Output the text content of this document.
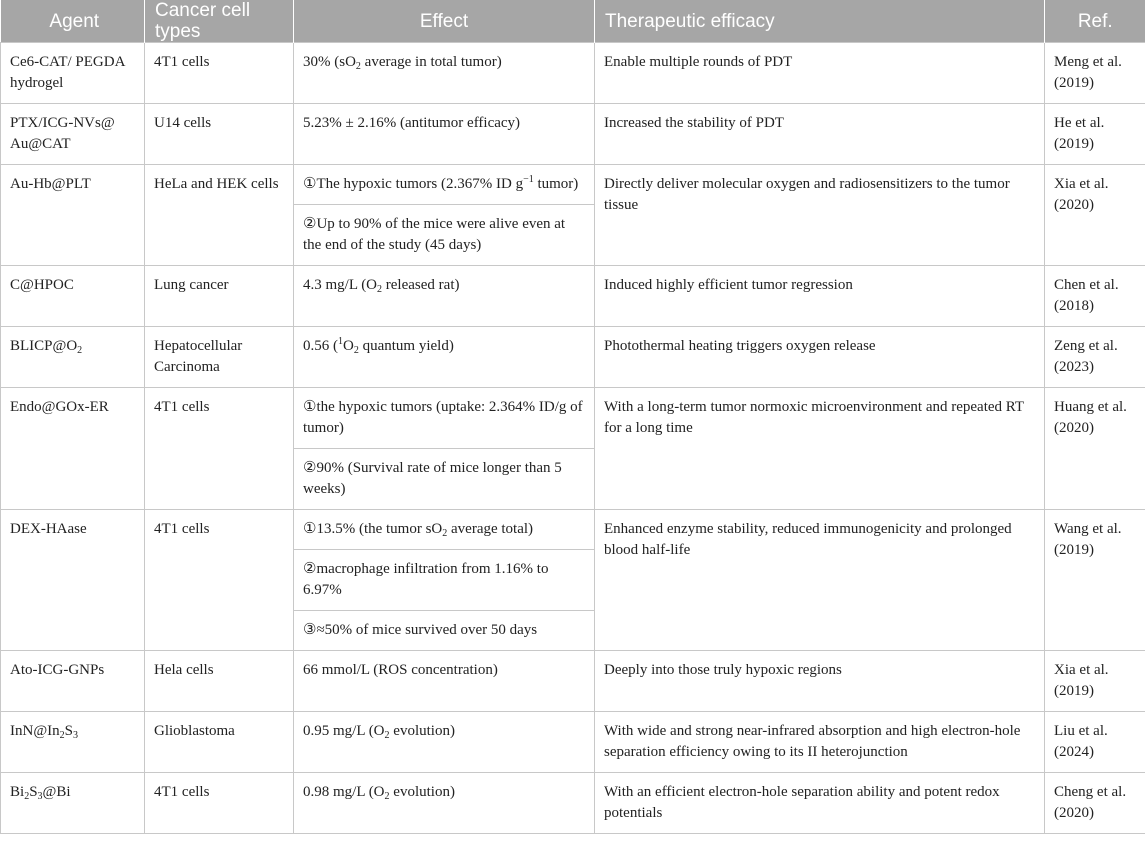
Agent	Cancer cell types	Effect	Therapeutic efficacy	Ref.
Ce6-CAT/ PEGDA hydrogel	4T1 cells	30% ($sO_2$ average in total tumor)	Enable multiple rounds of PDT	Meng et al. (2019)
PTX/ICG-NVs@ Au@CAT	U14 cells	5.23% ± 2.16% (antitumor efficacy)	Increased the stability of PDT	He et al. (2019)
Au-Hb@PLT	HeLa and HEK cells	①The hypoxic tumors (2.367% ID $g^{-1}$ tumor)	Directly deliver molecular oxygen and radiosensitizers to the tumor tissue	Xia et al. (2020)
		②Up to 90% of the mice were alive even at the end of the study (45 days)		
C@HPOC	Lung cancer	4.3 mg/L ($O_2$ released rat)	Induced highly efficient tumor regression	Chen et al. (2018)
$BLICP@O_2$	Hepatocellular Carcinoma	0.56 ($^1O_2$ quantum yield)	Photothermal heating triggers oxygen release	Zeng et al. (2023)
Endo@GOx-ER	4T1 cells	①the hypoxic tumors (uptake: 2.364% ID/g of tumor)	With a long-term tumor normoxic microenvironment and repeated RT for a long time	Huang et al. (2020)
		②90% (Survival rate of mice longer than 5 weeks)		
DEX-HAase	4T1 cells	①13.5% (the tumor $sO_2$ average total)	Enhanced enzyme stability, reduced immunogenicity and prolonged blood half-life	Wang et al. (2019)
		②macrophage infiltration from 1.16% to 6.97%		
		③≈50% of mice survived over 50 days		
Ato-ICG-GNPs	Hela cells	66 mmol/L (ROS concentration)	Deeply into those truly hypoxic regions	Xia et al. (2019)
$InN@In_2S_3$	Glioblastoma	0.95 mg/L ($O_2$ evolution)	With wide and strong near-infrared absorption and high electron-hole separation efficiency owing to its II heterojunction	Liu et al. (2024)
$Bi_2S_3@Bi$	4T1 cells	0.98 mg/L ($O_2$ evolution)	With an efficient electron-hole separation ability and potent redox potentials	Cheng et al. (2020)
